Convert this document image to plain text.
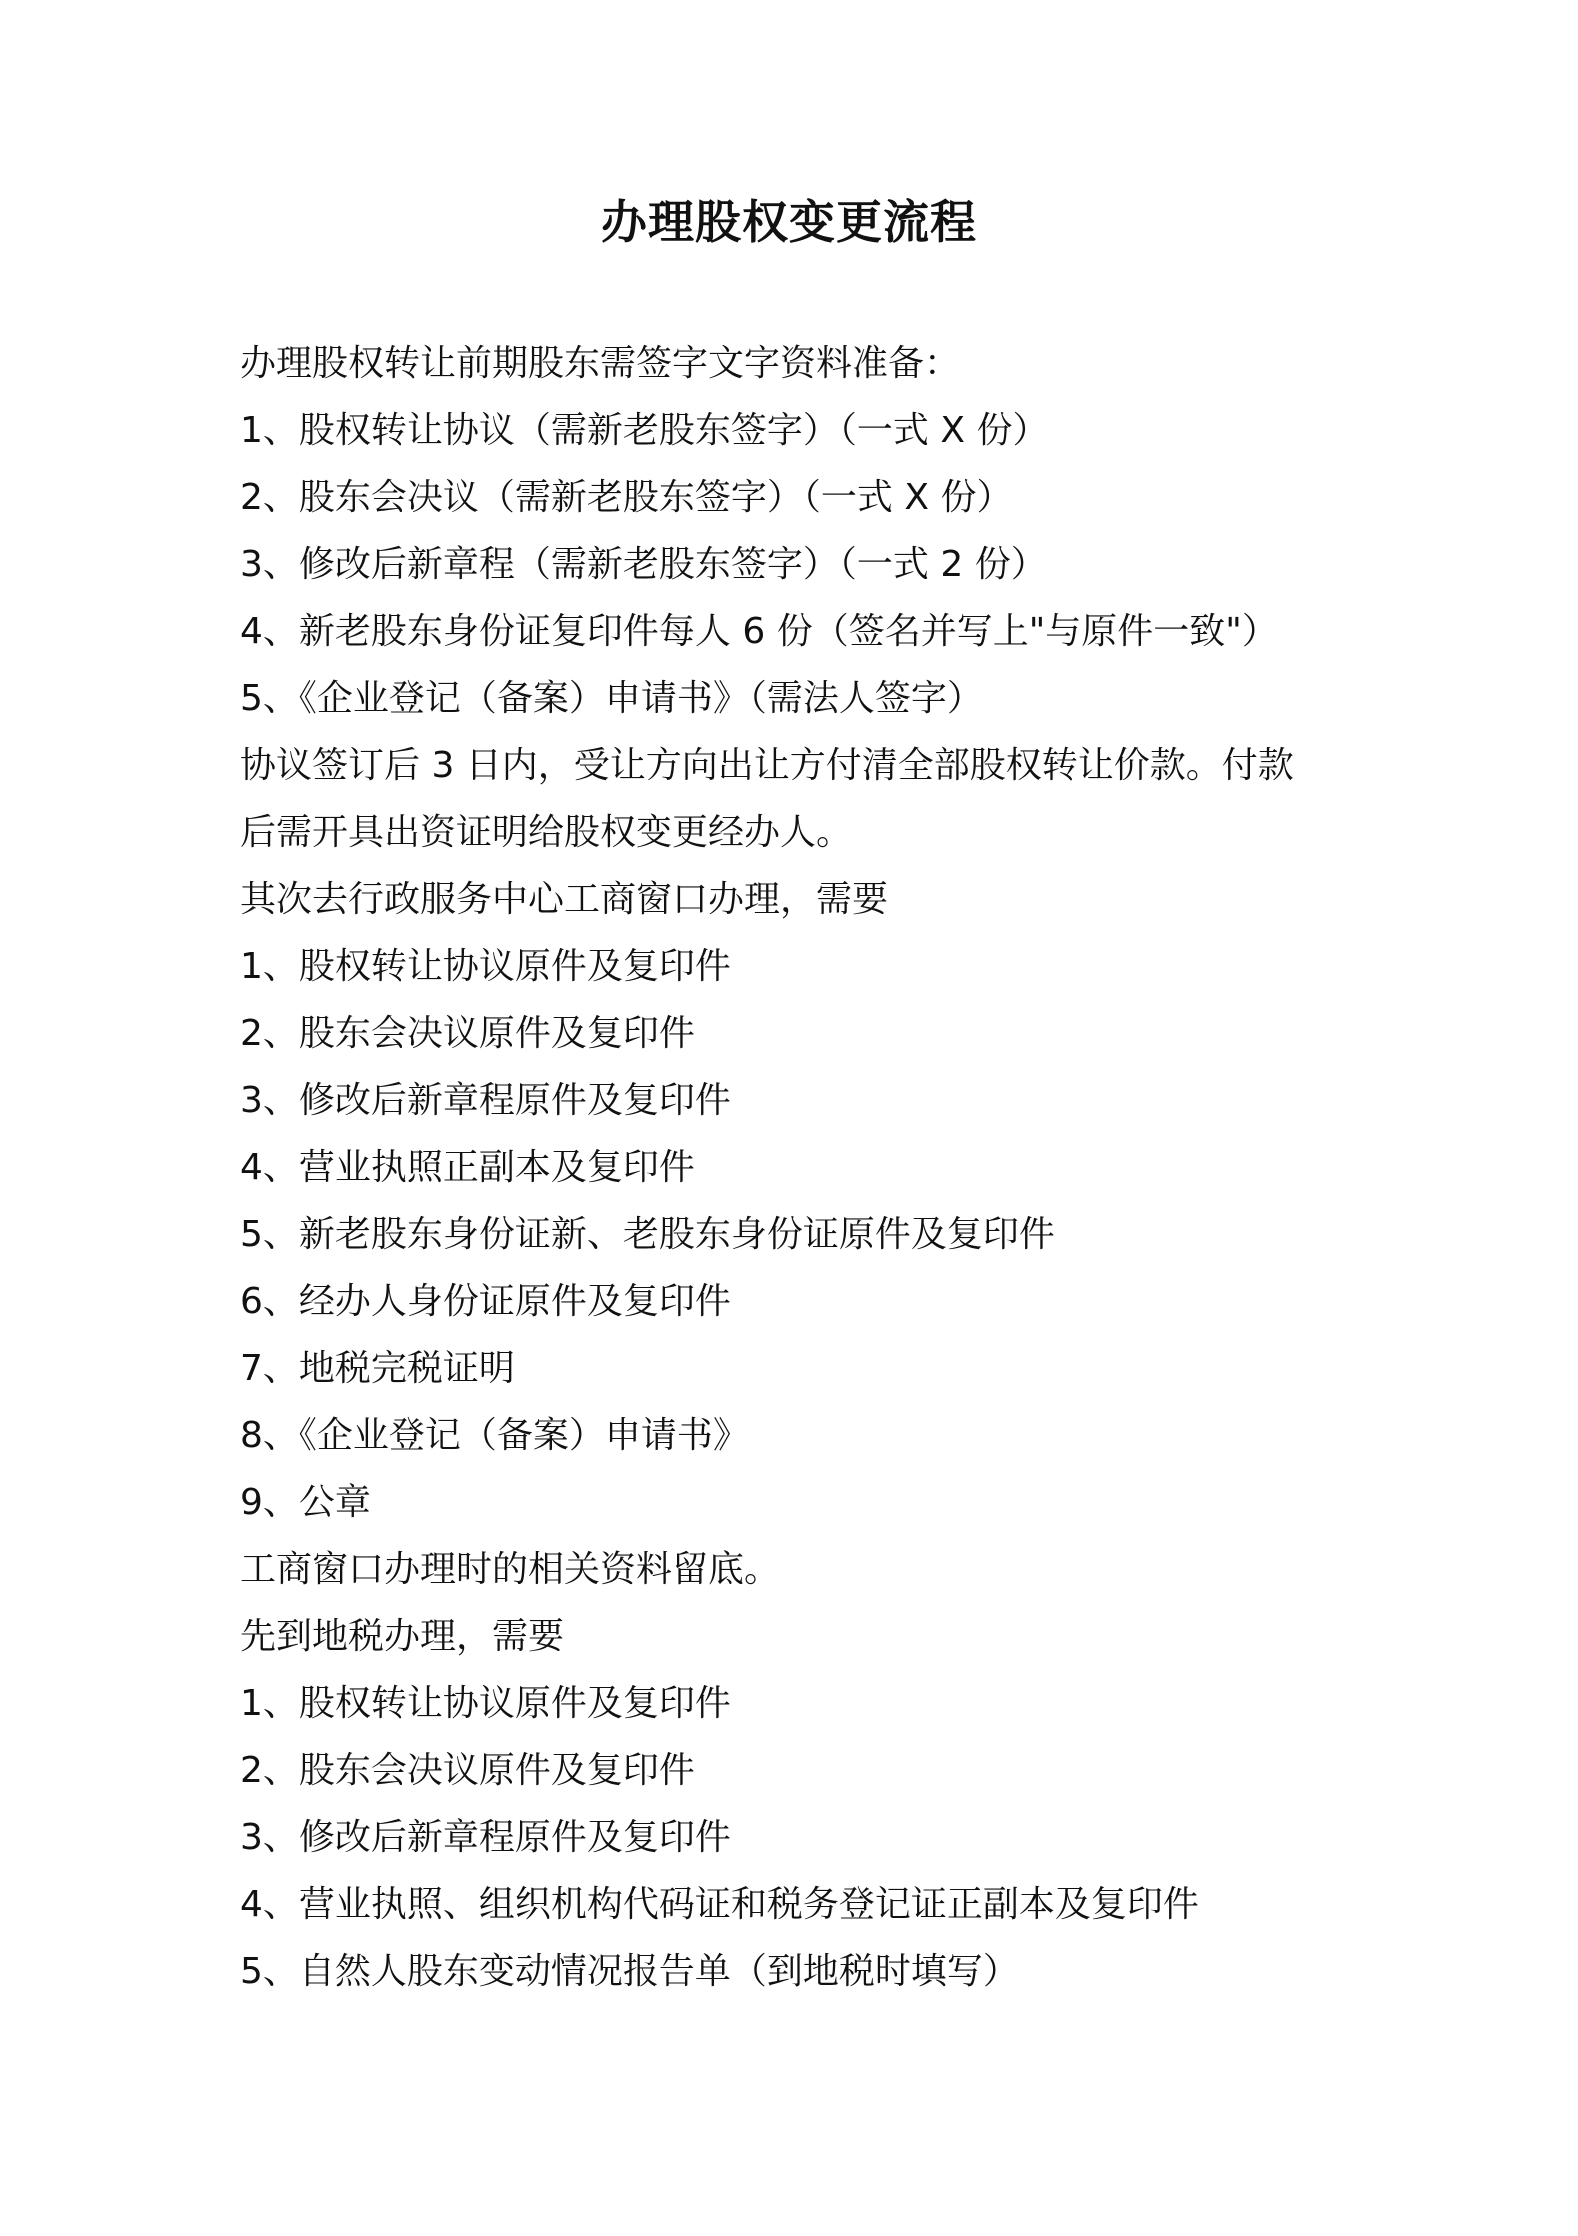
办理股权变更流程
办理股权转让前期股东需签字文字资料准备：
1、股权转让协议（需新老股东签字）（一式 X 份）
2、股东会决议（需新老股东签字）（一式 X 份）
3、修改后新章程（需新老股东签字）（一式 2 份）
4、新老股东身份证复印件每人 6 份（签名并写上"与原件一致"）
5、《企业登记（备案）申请书》（需法人签字）
协议签订后 3 日内，受让方向出让方付清全部股权转让价款。付款
后需开具出资证明给股权变更经办人。
其次去行政服务中心工商窗口办理，需要
1、股权转让协议原件及复印件
2、股东会决议原件及复印件
3、修改后新章程原件及复印件
4、营业执照正副本及复印件
5、新老股东身份证新、老股东身份证原件及复印件
6、经办人身份证原件及复印件
7、地税完税证明
8、《企业登记（备案）申请书》
9、公章
工商窗口办理时的相关资料留底。
先到地税办理，需要
1、股权转让协议原件及复印件
2、股东会决议原件及复印件
3、修改后新章程原件及复印件
4、营业执照、组织机构代码证和税务登记证正副本及复印件
5、自然人股东变动情况报告单（到地税时填写）
